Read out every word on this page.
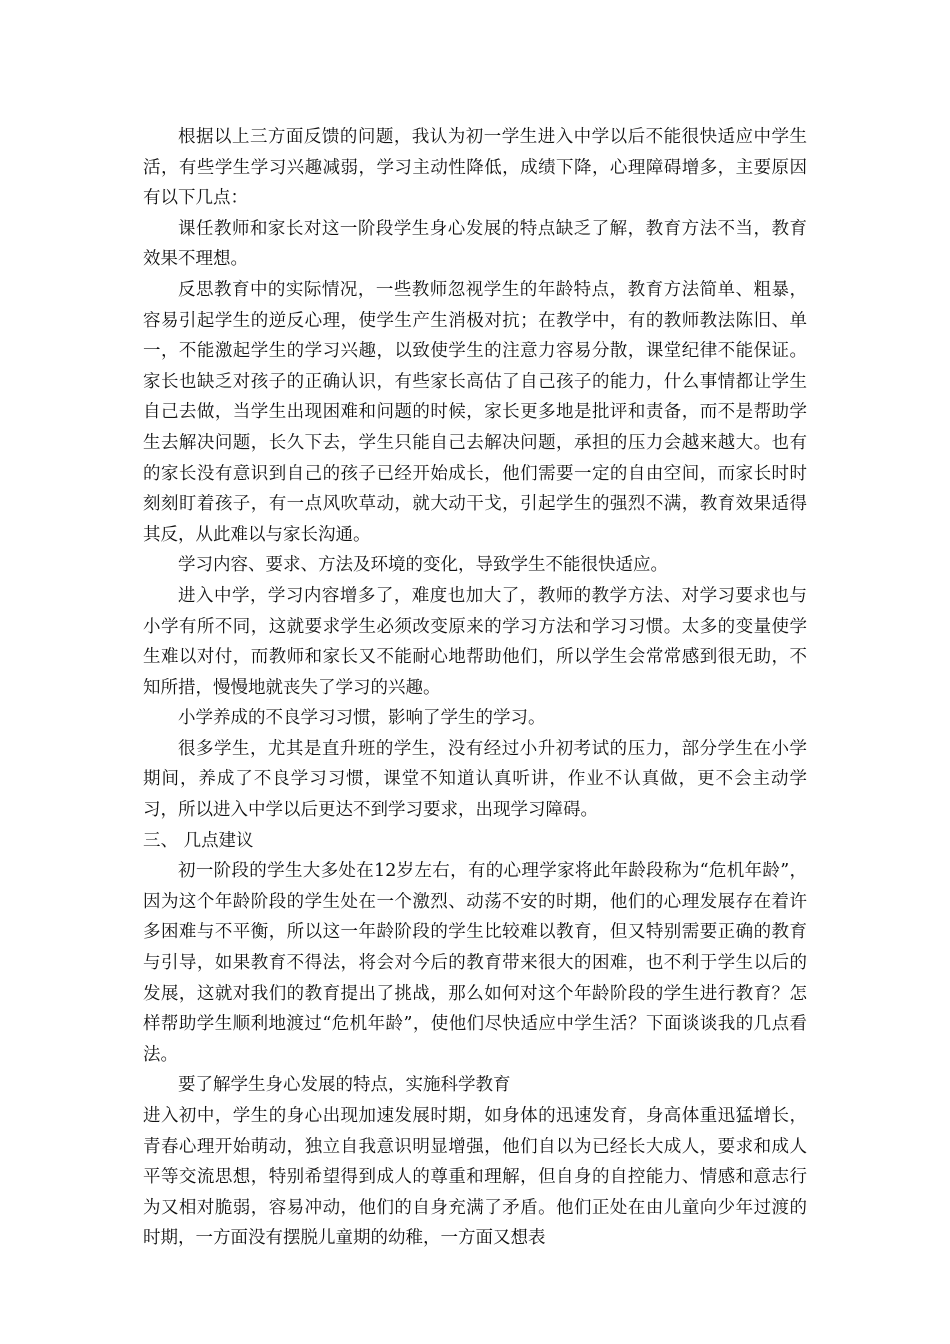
根据以上三方面反馈的问题，我认为初一学生进入中学以后不能很快适应中学生活，有些学生学习兴趣减弱，学习主动性降低，成绩下降，心理障碍增多，主要原因有以下几点：

课任教师和家长对这一阶段学生身心发展的特点缺乏了解，教育方法不当，教育效果不理想。

反思教育中的实际情况，一些教师忽视学生的年龄特点，教育方法简单、粗暴，容易引起学生的逆反心理，使学生产生消极对抗；在教学中，有的教师教法陈旧、单一，不能激起学生的学习兴趣，以致使学生的注意力容易分散，课堂纪律不能保证。家长也缺乏对孩子的正确认识，有些家长高估了自己孩子的能力，什么事情都让学生自己去做，当学生出现困难和问题的时候，家长更多地是批评和责备，而不是帮助学生去解决问题，长久下去，学生只能自己去解决问题，承担的压力会越来越大。也有的家长没有意识到自己的孩子已经开始成长，他们需要一定的自由空间，而家长时时刻刻盯着孩子，有一点风吹草动，就大动干戈，引起学生的强烈不满，教育效果适得其反，从此难以与家长沟通。

学习内容、要求、方法及环境的变化，导致学生不能很快适应。

进入中学，学习内容增多了，难度也加大了，教师的教学方法、对学习要求也与小学有所不同，这就要求学生必须改变原来的学习方法和学习习惯。太多的变量使学生难以对付，而教师和家长又不能耐心地帮助他们，所以学生会常常感到很无助，不知所措，慢慢地就丧失了学习的兴趣。

小学养成的不良学习习惯，影响了学生的学习。

很多学生，尤其是直升班的学生，没有经过小升初考试的压力，部分学生在小学期间，养成了不良学习习惯，课堂不知道认真听讲，作业不认真做，更不会主动学习，所以进入中学以后更达不到学习要求，出现学习障碍。

三、 几点建议

初一阶段的学生大多处在12岁左右，有的心理学家将此年龄段称为“危机年龄”，因为这个年龄阶段的学生处在一个激烈、动荡不安的时期，他们的心理发展存在着许多困难与不平衡，所以这一年龄阶段的学生比较难以教育，但又特别需要正确的教育与引导，如果教育不得法，将会对今后的教育带来很大的困难，也不利于学生以后的发展，这就对我们的教育提出了挑战，那么如何对这个年龄阶段的学生进行教育？怎样帮助学生顺利地渡过“危机年龄”，使他们尽快适应中学生活？下面谈谈我的几点看法。

要了解学生身心发展的特点，实施科学教育

进入初中，学生的身心出现加速发展时期，如身体的迅速发育，身高体重迅猛增长，青春心理开始萌动，独立自我意识明显增强，他们自以为已经长大成人，要求和成人平等交流思想，特别希望得到成人的尊重和理解，但自身的自控能力、情感和意志行为又相对脆弱，容易冲动，他们的自身充满了矛盾。他们正处在由儿童向少年过渡的时期，一方面没有摆脱儿童期的幼稚，一方面又想表
